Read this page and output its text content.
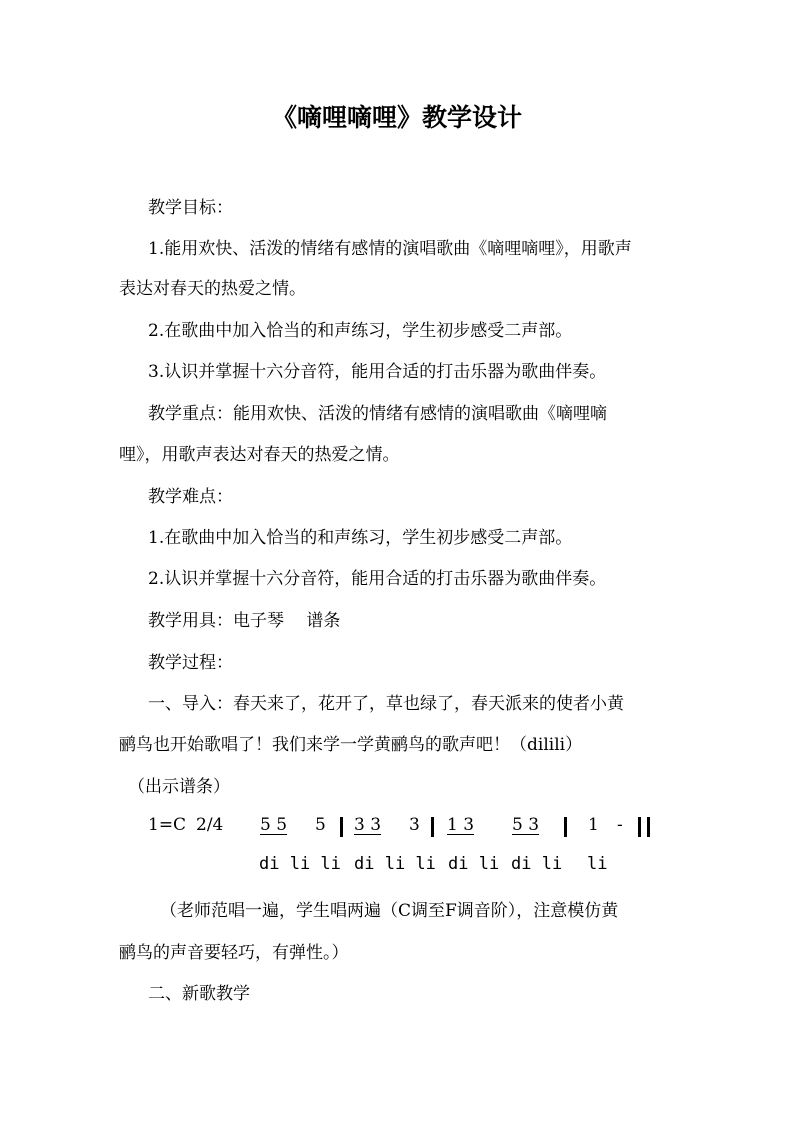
《嘀哩嘀哩》教学设计
教学目标：
1.能用欢快、活泼的情绪有感情的演唱歌曲《嘀哩嘀哩》，用歌声
表达对春天的热爱之情。
2.在歌曲中加入恰当的和声练习，学生初步感受二声部。
3.认识并掌握十六分音符，能用合适的打击乐器为歌曲伴奏。
教学重点：能用欢快、活泼的情绪有感情的演唱歌曲《嘀哩嘀
哩》，用歌声表达对春天的热爱之情。
教学难点：
1.在歌曲中加入恰当的和声练习，学生初步感受二声部。
2.认识并掌握十六分音符，能用合适的打击乐器为歌曲伴奏。
教学用具：电子琴　 谱条
教学过程：
一、导入：春天来了，花开了，草也绿了，春天派来的使者小黄
鹂鸟也开始歌唱了！我们来学一学黄鹂鸟的歌声吧！（dilili）
（出示谱条）
1=C 2/4 5 5 5 3 3 3 1 3 5 3	1 -
di li li di li li di li di li li
（老师范唱一遍，学生唱两遍（C调至F调音阶），注意模仿黄
鹂鸟的声音要轻巧，有弹性。）
二、新歌教学
